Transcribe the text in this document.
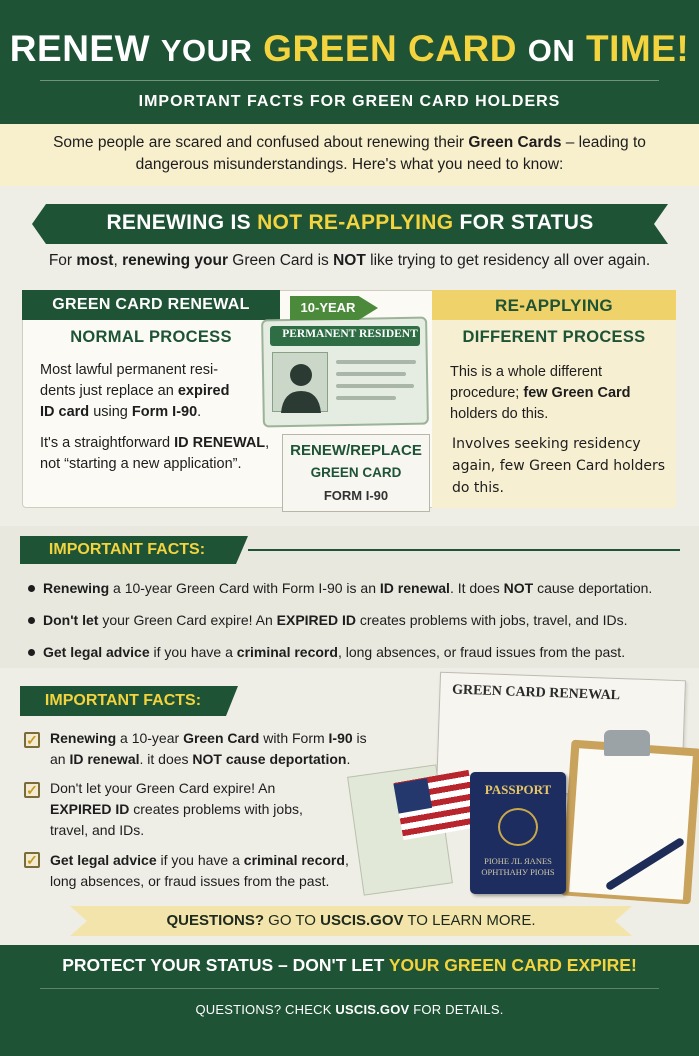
RENEW YOUR GREEN CARD ON TIME!
IMPORTANT FACTS FOR GREEN CARD HOLDERS
Some people are scared and confused about renewing their Green Cards – leading to dangerous misunderstandings. Here's what you need to know:
RENEWING IS NOT RE-APPLYING FOR STATUS
For most, renewing your Green Card is NOT like trying to get residency all over again.
GREEN CARD RENEWAL
NORMAL PROCESS
Most lawful permanent resi-dents just replace an expired ID card using Form I-90.
It's a straightforward ID RENEWAL, not “starting a new application”.
RE-APPLYING
DIFFERENT PROCESS
This is a whole different procedure; few Green Card holders do this.
Involves seeking residency again, few Green Card holders do this.
PERMANENT RESIDENT
10-YEAR
RENEW/REPLACE
GREEN CARD
FORM I-90
IMPORTANT FACTS:
Renewing a 10-year Green Card with Form I-90 is an ID renewal. It does NOT cause deportation.
Don't let your Green Card expire! An EXPIRED ID creates problems with jobs, travel, and IDs.
Get legal advice if you have a criminal record, long absences, or fraud issues from the past.
IMPORTANT FACTS:
✓ Renewing a 10-year Green Card with Form I-90 is an ID renewal. it does NOT cause deportation.
✓ Don't let your Green Card expire! An EXPIRED ID creates problems with jobs, travel, and IDs.
✓ Get legal advice if you have a criminal record, long absences, or fraud issues from the past.
GREEN CARD RENEWAL
PASSPORT
PIOHE ЛL ЯANES
ОPНТНАНУ PIOHS
QUESTIONS? GO TO USCIS.GOV TO LEARN MORE.
PROTECT YOUR STATUS – DON'T LET YOUR GREEN CARD EXPIRE!
QUESTIONS? CHECK USCIS.GOV FOR DETAILS.
